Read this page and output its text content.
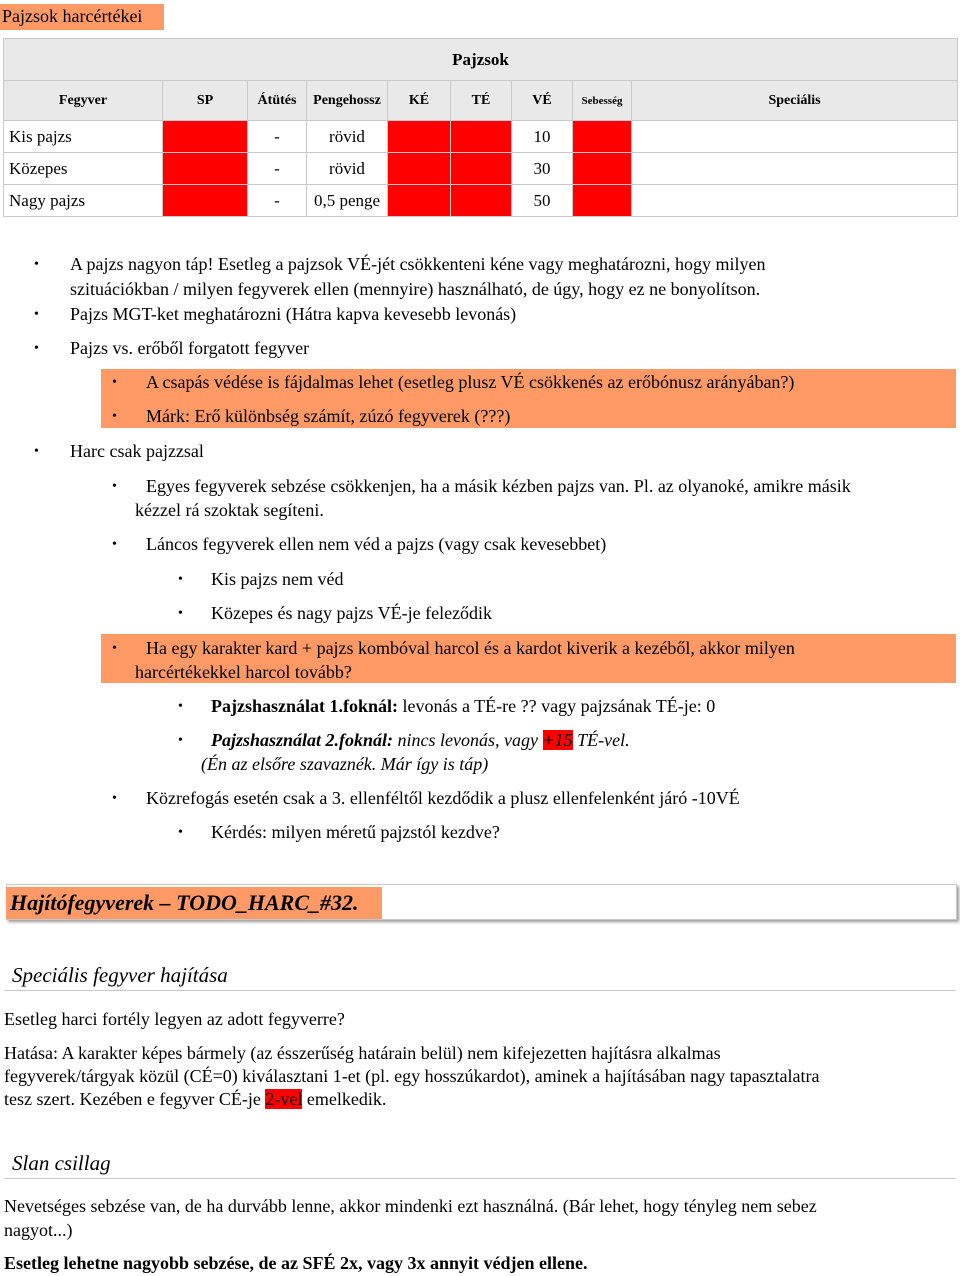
Pajzsok harcértékei
Pajzsok								
Fegyver	SP	Átütés	Pengehossz	KÉ	TÉ	VÉ	Sebesség	Speciális
Kis pajzs		-	rövid			10		
Közepes		-	rövid			30		
Nagy pajzs		-	0,5 penge			50		
• A pajzs nagyon táp! Esetleg a pajzsok VÉ-jét csökkenteni kéne vagy meghatározni, hogy milyen
szituációkban / milyen fegyverek ellen (mennyire) használható, de úgy, hogy ez ne bonyolítson.
• Pajzs MGT-ket meghatározni (Hátra kapva kevesebb levonás)
• Pajzs vs. erőből forgatott fegyver
• A csapás védése is fájdalmas lehet (esetleg plusz VÉ csökkenés az erőbónusz arányában?)
• Márk: Erő különbség számít, zúzó fegyverek (???)
• Harc csak pajzzsal
• Egyes fegyverek sebzése csökkenjen, ha a másik kézben pajzs van. Pl. az olyanoké, amikre másik
kézzel rá szoktak segíteni.
• Láncos fegyverek ellen nem véd a pajzs (vagy csak kevesebbet)
• Kis pajzs nem véd
• Közepes és nagy pajzs VÉ-je feleződik
• Ha egy karakter kard + pajzs kombóval harcol és a kardot kiverik a kezéből, akkor milyen
harcértékekkel harcol tovább?
• Pajzshasználat 1.foknál: levonás a TÉ-re ?? vagy pajzsának TÉ-je: 0
• Pajzshasználat 2.foknál: nincs levonás, vagy +15 TÉ-vel.
(Én az elsőre szavaznék. Már így is táp)
• Közrefogás esetén csak a 3. ellenféltől kezdődik a plusz ellenfelenként járó -10VÉ
• Kérdés: milyen méretű pajzstól kezdve?
Hajítófegyverek – TODO_HARC_#32.
Speciális fegyver hajítása
Esetleg harci fortély legyen az adott fegyverre?
Hatása: A karakter képes bármely (az ésszerűség határain belül) nem kifejezetten hajításra alkalmas
fegyverek/tárgyak közül (CÉ=0) kiválasztani 1-et (pl. egy hosszúkardot), aminek a hajításában nagy tapasztalatra
tesz szert. Kezében e fegyver CÉ-je 2-vel emelkedik.
Slan csillag
Nevetséges sebzése van, de ha durvább lenne, akkor mindenki ezt használná. (Bár lehet, hogy tényleg nem sebez
nagyot...)
Esetleg lehetne nagyobb sebzése, de az SFÉ 2x, vagy 3x annyit védjen ellene.
